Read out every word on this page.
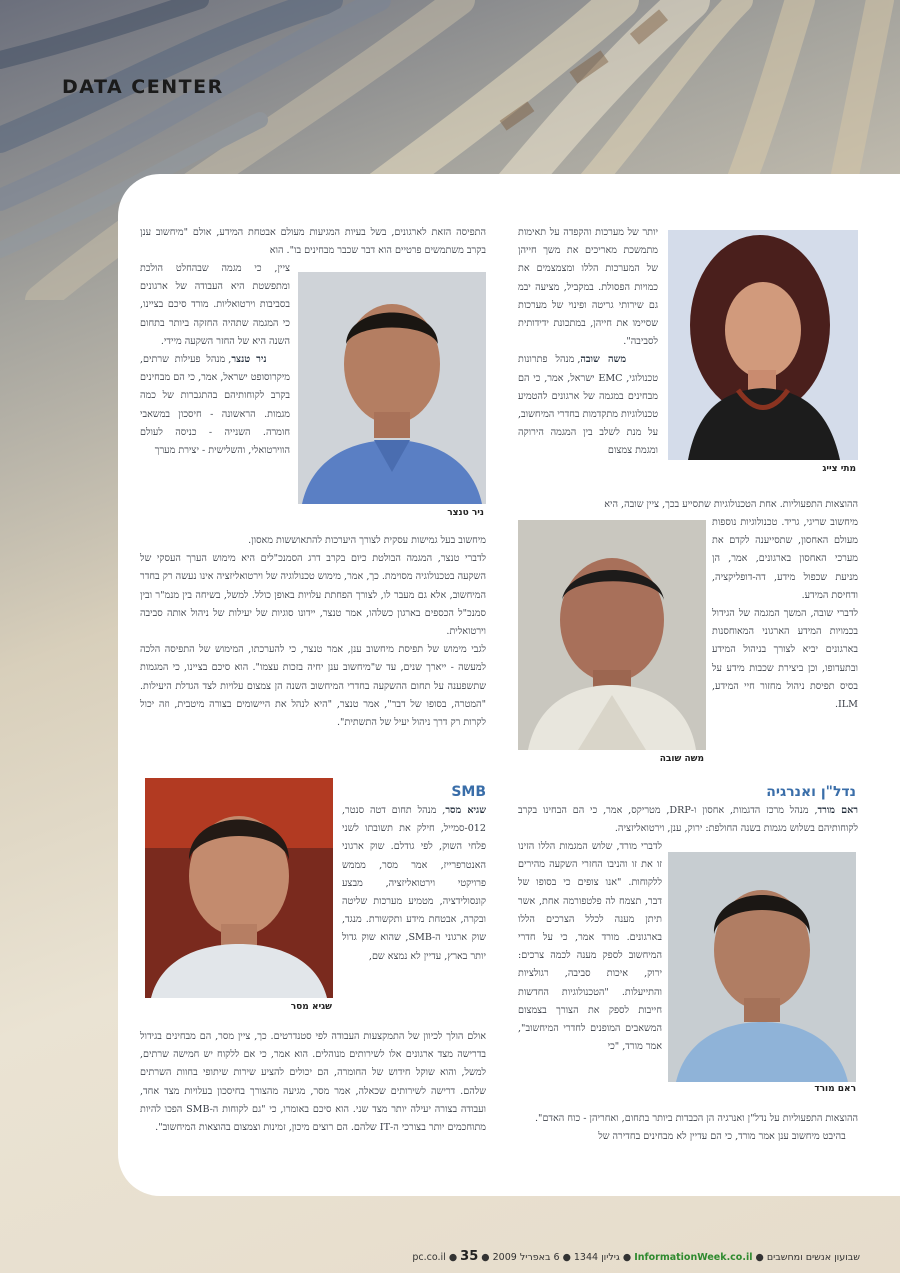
DATA CENTER
מתי צייג

יותר של מערכות והקפדה על תאימות מתמשכת מאריכים את משך חייהן של המערכות הללו ומצמצמים את כמויות הפסולת. במקביל, מציעה יבמ גם שירותי גריטה ופינוי של מערכות שסיימו את חייהן, במתכונת ידידותית לסביבה".

משה שובה, מנהל פתרונות טכנולוגי, EMC ישראל, אמר, כי הם מבחינים במגמה של ארגונים להטמיע טכנולוגיות מתקדמות בחדרי המיחשוב, על מנת לשלב בין המגמה הירוקה ומגמת צמצום

ההוצאות התפעוליות. אחת הטכנולוגיות שתסייע בכך, ציין שובה, היא

משה שובה

מיחשוב שריגי, גריד. טכנולוגיות נוספות מעולם האחסון, שתסייענה לקדם את מערכי האחסון בארגונים, אמר, הן מניעת שכפול מידע, דה-דופליקציה, ודחיסת המידע.

לדברי שובה, המשך המגמה של הגידול בכמויות המידע הארגוני המאוחסנות בארגונים יביא לצורך בניהול המידע ובתעדופו, וכן ביצירת שכבות מידע על בסיס תפיסת ניהול מחזור חיי המידע, ILM.

ניר טנצר

התפיסה הזאת לארגונים, בשל בעיות המגיעות מעולם אבטחת המידע, אולם "מיחשוב ענן בקרב משתמשים פרטיים הוא דבר שכבר מבחינים בו". הוא

ציין, כי מגמה שבהחלט הולכת ומתפשטת היא העבודה של ארגונים בסביבות וירטואליות. מורד סיכם בציינו, כי המגמה שתהיה החזקה ביותר בתחום השנה היא של החזר השקעה מיידי.

ניר טנצר, מנהל פעילות שרתים, מיקרוסופט ישראל, אמר, כי הם מבחינים בקרב לקוחותיהם בהתגברות של כמה מגמות. הראשונה - חיסכון במשאבי חומרה. השנייה - כניסה לעולם הווירטואלי, והשלישית - יצירת מערך

מיחשוב בעל גמישות עסקית לצורך היערכות להתאוששות מאסון.

לדברי טנצר, המגמה הבולטת כיום בקרב דרג הסמנכ"לים היא מימוש הערך העסקי של השקעה בטכנולוגיה מסוימת. כך, אמר, מימוש טכנולוגיה של וירטואליזציה אינו נעשה רק בחדר המיחשוב, אלא גם מעבר לו, לצורך הפחתת עלויות באופן כולל. למשל, בשיחה בין מנמ"ר ובין סמנכ"ל הכספים בארגון כשלהו, אמר טנצר, יידונו סוגיות של יעילות של ניהול אותה סביבה וירטואלית.

לגבי מימוש של תפיסת מיחשוב ענן, אמר טנצר, כי להערכתו, המימוש של התפיסה הלכה למעשה - ייארך שנים, עד ש"מיחשוב ענן יחיה בזכות עצמו". הוא סיכם בציינו, כי המגמות שתשפענה על תחום ההשקעה בחדרי המיחשוב השנה הן צמצום עלויות לצד הגדלת היעילות. "המטרה, בסופו של דבר", אמר טנצר, "היא לנהל את היישומים בצורה מיטבית, וזה יכול לקרות רק דרך ניהול יעיל של התשתית".

נדל"ן ואנרגיה

ראם מורד, מנהל מרכז הדגמות, אחסון ו-DRP, מטריקס, אמר, כי הם הבחינו בקרב לקוחותיהם בשלוש מגמות בשנה החולפת: ירוק, ענן, וירטואליזציה.

ראם מורד

לדברי מורד, שלוש המגמות הללו הזינו זו את זו והניבו החזרי השקעה מהירים ללקוחות. "אנו צופים כי בסופו של דבר, תצמח לה פלטפורמה אחת, אשר תיתן מענה לכלל הצרכים הללו בארגונים. מורד אמר, כי על חדרי המיחשוב לספק מענה לכמה צרכים: ירוק, איכות סביבה, רגולציות והתייעלות. "הטכנולוגיות החדשות חייבות לספק את הצורך בצמצום המשאבים המופנים לחדרי המיחשוב", אמר מורד, "כי

ההוצאות התפעוליות על נדל"ן ואנרגיה הן הכבדות ביותר בתחום, ואחריהן - כוח האדם".

בהיבט מיחשוב ענן אמר מורד, כי הם עדיין לא מבחינים בחדירה של

SMB
שגיא מסר

שגיא מסר, מנהל תחום דטה סנטר, 012-סמייל, חילק את תשובתו לשני פלחי השוק, לפי גודלם. שוק ארגוני האנטרפרייז, אמר מסר, מממש פרויקטי וירטואליזציה, מבצע קונסולידציה, מטמיע מערכות שליטה ובקרה, אבטחת מידע ותקשורת. מנגד, שוק ארגוני ה-SMB, שהוא שוק גדול יותר בארץ, עדיין לא נמצא שם,

אולם הולך לכיוון של התמקצעות העבודה לפי סטנדרטים. כך, ציין מסר, הם מבחינים בגידול בדרישה מצד ארגונים אלו לשירותים מנוהלים. הוא אמר, כי אם ללקוח יש חמישה שרתים, למשל, והוא שוקל חידוש של החומרה, הם יכולים להציע שירות שיתופי בחוות השרתים שלהם. דרישה לשירותים שכאלה, אמר מסר, מגיעה מהצורך בחיסכון בעלויות מצד אחד, ועבודה בצורה יעילה יותר מצד שני. הוא סיכם באומרו, כי "גם לקוחות ה-SMB הפכו להיות מתוחכמים יותר בצורכי ה-IT שלהם. הם רוצים מיכון, זמינות וצמצום בהוצאות המיחשוב".

שבועון אנשים ומחשבים ● InformationWeek.co.il ● גיליון 1344 ● 6 באפריל 2009 ● pc.co.il ● 35
